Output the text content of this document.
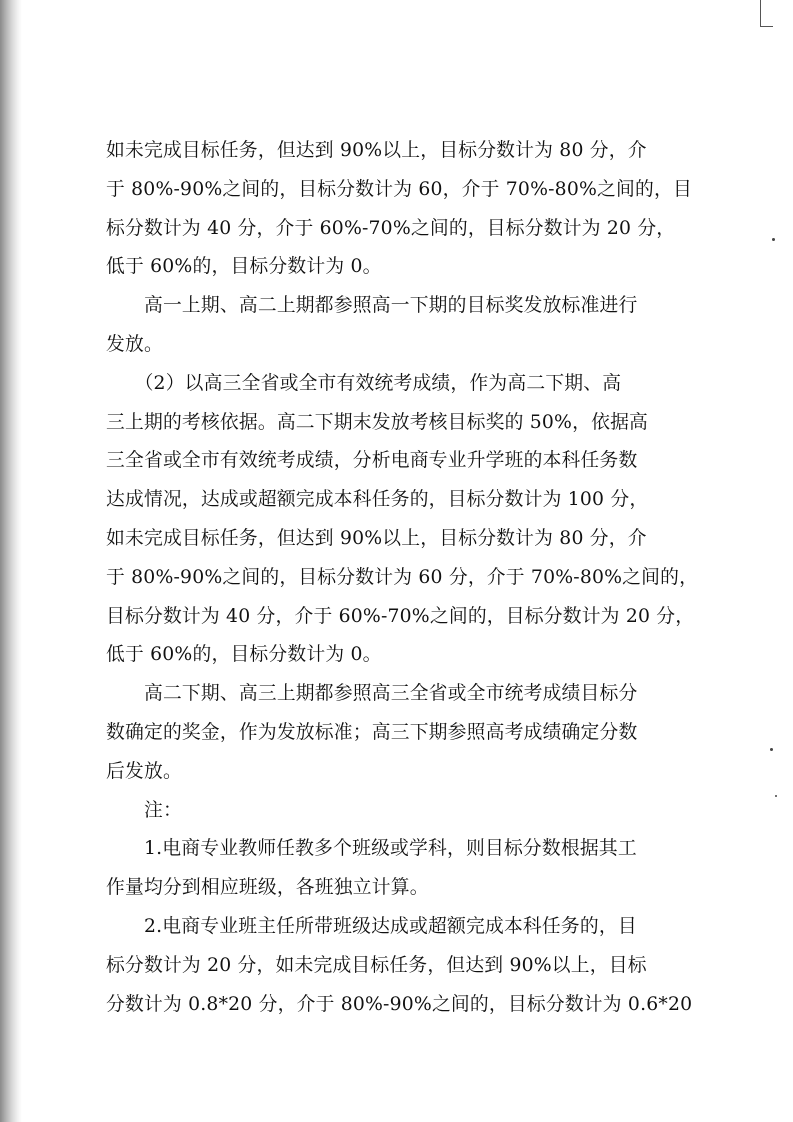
如未完成目标任务，但达到 90%以上，目标分数计为 80 分，介
于 80%-90%之间的，目标分数计为 60，介于 70%-80%之间的，目
标分数计为 40 分，介于 60%-70%之间的，目标分数计为 20 分，
低于 60%的，目标分数计为 0。
　　高一上期、高二上期都参照高一下期的目标奖发放标准进行
发放。
　　（2）以高三全省或全市有效统考成绩，作为高二下期、高
三上期的考核依据。高二下期末发放考核目标奖的 50%，依据高
三全省或全市有效统考成绩，分析电商专业升学班的本科任务数
达成情况，达成或超额完成本科任务的，目标分数计为 100 分，
如未完成目标任务，但达到 90%以上，目标分数计为 80 分，介
于 80%-90%之间的，目标分数计为 60 分，介于 70%-80%之间的，
目标分数计为 40 分，介于 60%-70%之间的，目标分数计为 20 分，
低于 60%的，目标分数计为 0。
　　高二下期、高三上期都参照高三全省或全市统考成绩目标分
数确定的奖金，作为发放标准；高三下期参照高考成绩确定分数
后发放。
　　注：
　　1.电商专业教师任教多个班级或学科，则目标分数根据其工
作量均分到相应班级，各班独立计算。
　　2.电商专业班主任所带班级达成或超额完成本科任务的，目
标分数计为 20 分，如未完成目标任务，但达到 90%以上，目标
分数计为 0.8*20 分，介于 80%-90%之间的，目标分数计为 0.6*20
